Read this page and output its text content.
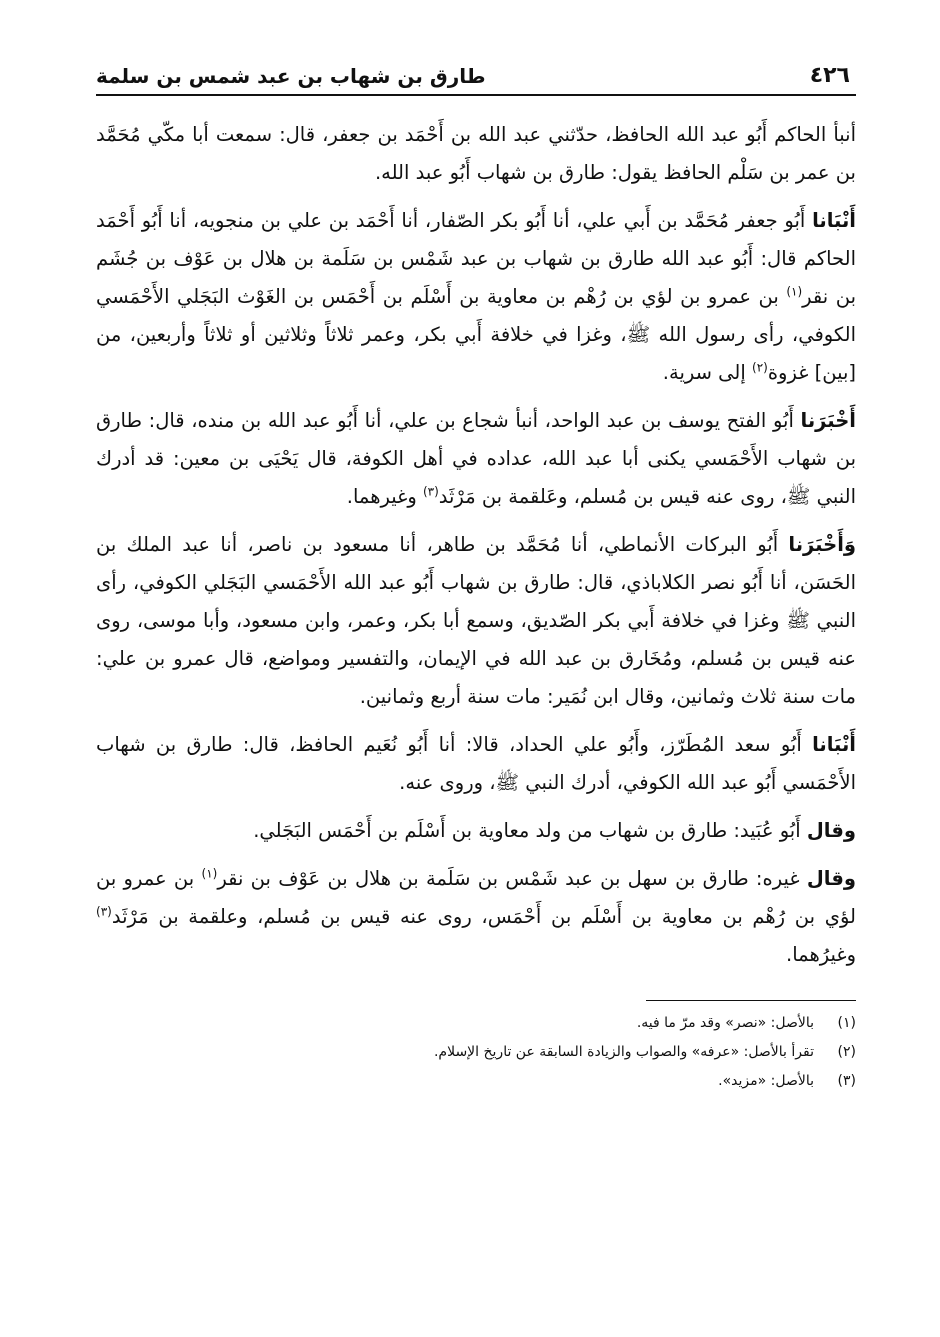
٤٢٦
طارق بن شهاب بن عبد شمس بن سلمة

أنبأ الحاكم أَبُو عبد الله الحافظ، حدّثني عبد الله بن أَحْمَد بن جعفر، قال: سمعت أبا مكّي مُحَمَّد بن عمر بن سَلْم الحافظ يقول: طارق بن شهاب أَبُو عبد الله.

أَنْبَانا أَبُو جعفر مُحَمَّد بن أَبي علي، أنا أَبُو بكر الصّفار، أنا أَحْمَد بن علي بن منجويه، أنا أَبُو أَحْمَد الحاكم قال: أَبُو عبد الله طارق بن شهاب بن عبد شَمْس بن سَلَمة بن هلال بن عَوْف بن جُشَم بن نقر$^{(١)}$ بن عمرو بن لؤي بن رُهْم بن معاوية بن أَسْلَم بن أَحْمَس بن الغَوْث البَجَلي الأَحْمَسي الكوفي، رأى رسول الله ﷺ، وغزا في خلافة أَبي بكر، وعمر ثلاثاً وثلاثين أو ثلاثاً وأربعين، من [بين] غزوة$^{(٢)}$ إلى سرية.

أَخْبَرَنا أَبُو الفتح يوسف بن عبد الواحد، أنبأ شجاع بن علي، أنا أَبُو عبد الله بن منده، قال: طارق بن شهاب الأَحْمَسي يكنى أبا عبد الله، عداده في أهل الكوفة، قال يَحْيَى بن معين: قد أدرك النبي ﷺ، روى عنه قيس بن مُسلم، وعَلقمة بن مَرْثَد$^{(٣)}$ وغيرهما.

وَأَخْبَرَنا أَبُو البركات الأنماطي، أنا مُحَمَّد بن طاهر، أنا مسعود بن ناصر، أنا عبد الملك بن الحَسَن، أنا أَبُو نصر الكلاباذي، قال: طارق بن شهاب أَبُو عبد الله الأَحْمَسي البَجَلي الكوفي، رأى النبي ﷺ وغزا في خلافة أَبي بكر الصّديق، وسمع أبا بكر، وعمر، وابن مسعود، وأبا موسى، روى عنه قيس بن مُسلم، ومُخَارق بن عبد الله في الإيمان، والتفسير ومواضع، قال عمرو بن علي: مات سنة ثلاث وثمانين، وقال ابن نُمَير: مات سنة أربع وثمانين.

أَنْبَانا أَبُو سعد المُطَرّز، وأَبُو علي الحداد، قالا: أنا أَبُو نُعَيم الحافظ، قال: طارق بن شهاب الأَحْمَسي أَبُو عبد الله الكوفي، أدرك النبي ﷺ، وروى عنه.

وقال أَبُو عُبَيد: طارق بن شهاب من ولد معاوية بن أَسْلَم بن أَحْمَس البَجَلي.

وقال غيره: طارق بن سهل بن عبد شَمْس بن سَلَمة بن هلال بن عَوْف بن نقر$^{(١)}$ بن عمرو بن لؤي بن رُهْم بن معاوية بن أَسْلَم بن أَحْمَس، روى عنه قيس بن مُسلم، وعلقمة بن مَرْثَد$^{(٣)}$ وغيرُهما.

(١)
بالأصل: «نصر» وقد مرّ ما فيه.
(٢)
تقرأ بالأصل: «عرفه» والصواب والزيادة السابقة عن تاريخ الإسلام.
(٣)
بالأصل: «مزيد».
